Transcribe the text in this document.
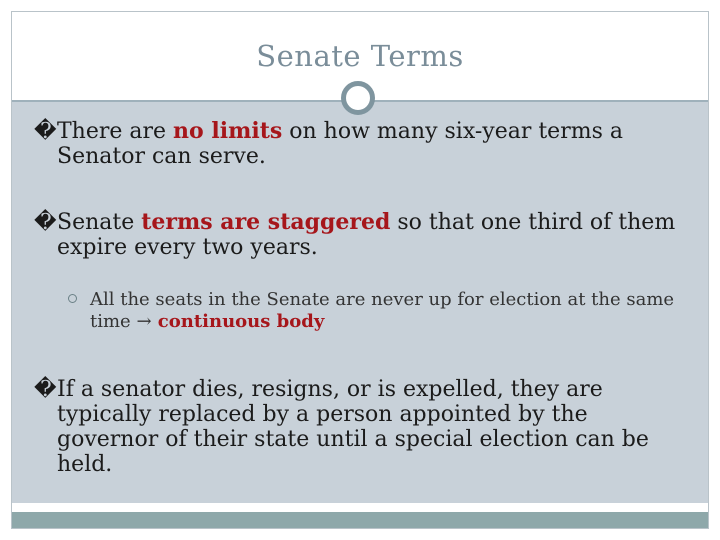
Senate Terms
� There are no limits on how many six-year terms a Senator can serve.
� Senate terms are staggered so that one third of them expire every two years.
All the seats in the Senate are never up for election at the same time → continuous body
� If a senator dies, resigns, or is expelled, they are typically replaced by a person appointed by the governor of their state until a special election can be held.
